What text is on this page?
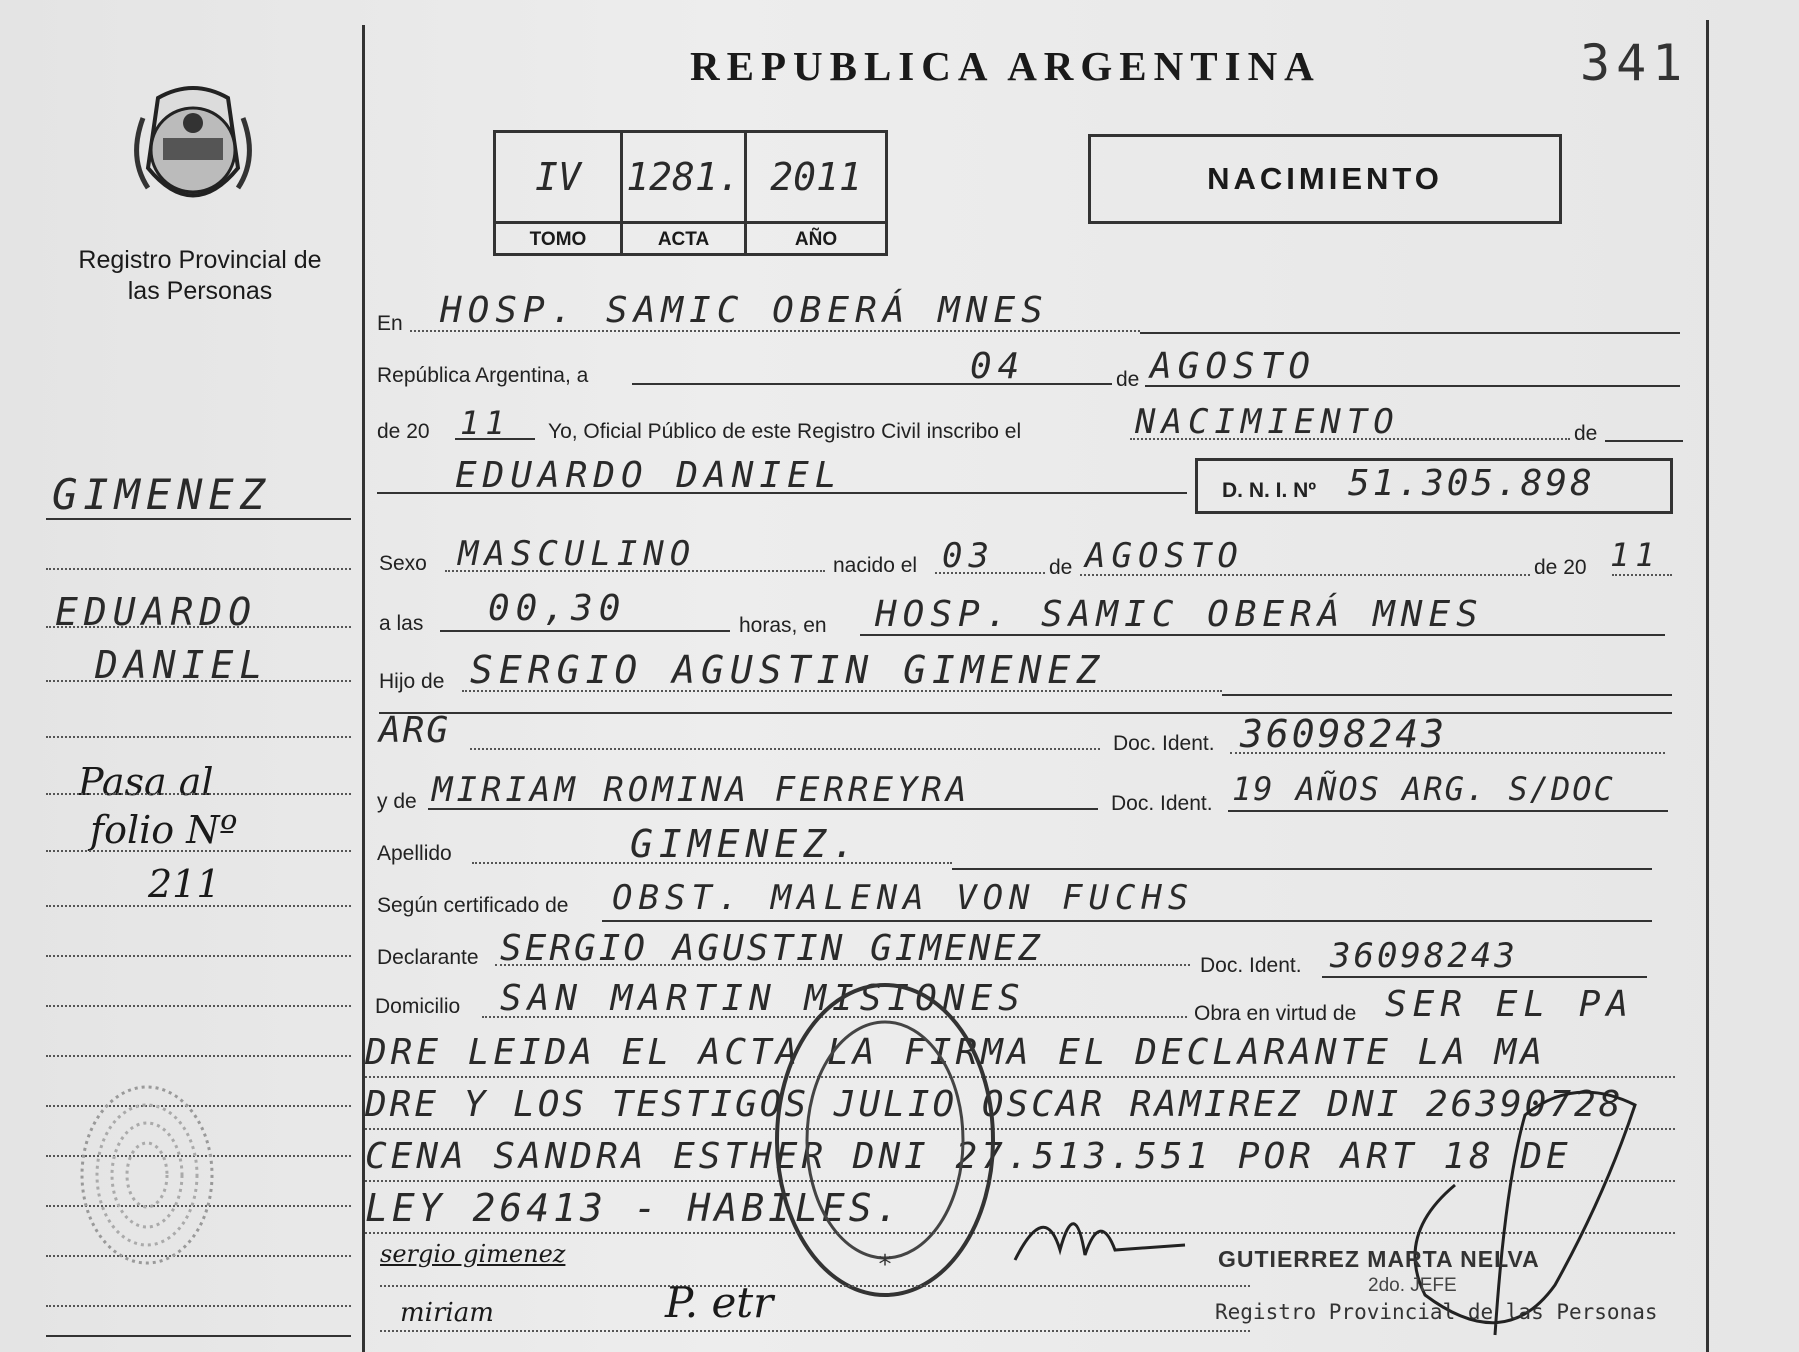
Registro Provincial de las Personas
REPUBLICA ARGENTINA	341
IV
TOMO
1281.
ACTA
2011
AÑO
NACIMIENTO
GIMENEZ
EDUARDO
DANIEL
Pasa al
folio Nº
211
En HOSP. SAMIC OBERÁ MNES
República Argentina, a	04	de AGOSTO
de 20 11 Yo, Oficial Público de este Registro Civil inscribo el	NACIMIENTO	de
EDUARDO DANIEL	D. N. I. Nº 51.305.898
Sexo MASCULINO	nacido el 03	de AGOSTO	de 20 11
a las 00,30	horas, en HOSP. SAMIC OBERÁ MNES
Hijo de SERGIO AGUSTIN GIMENEZ
ARG	Doc. Ident. 36098243
y de MIRIAM ROMINA FERREYRA	Doc. Ident. 19 AÑOS ARG. S/DOC
Apellido	GIMENEZ.
Según certificado de OBST. MALENA VON FUCHS
Declarante SERGIO AGUSTIN GIMENEZ	Doc. Ident. 36098243
Domicilio SAN MARTIN MISIONES	Obra en virtud de SER EL PA
DRE LEIDA EL ACTA LA FIRMA EL DECLARANTE LA MA
DRE Y LOS TESTIGOS JULIO OSCAR RAMIREZ DNI 26390728
CENA SANDRA ESTHER DNI 27.513.551 POR ART 18 DE
LEY 26413 - HABILES.
*
sergio gimenez
miriam	P. etr
GUTIERREZ MARTA NELVA
2do. JEFE
Registro Provincial de las Personas
